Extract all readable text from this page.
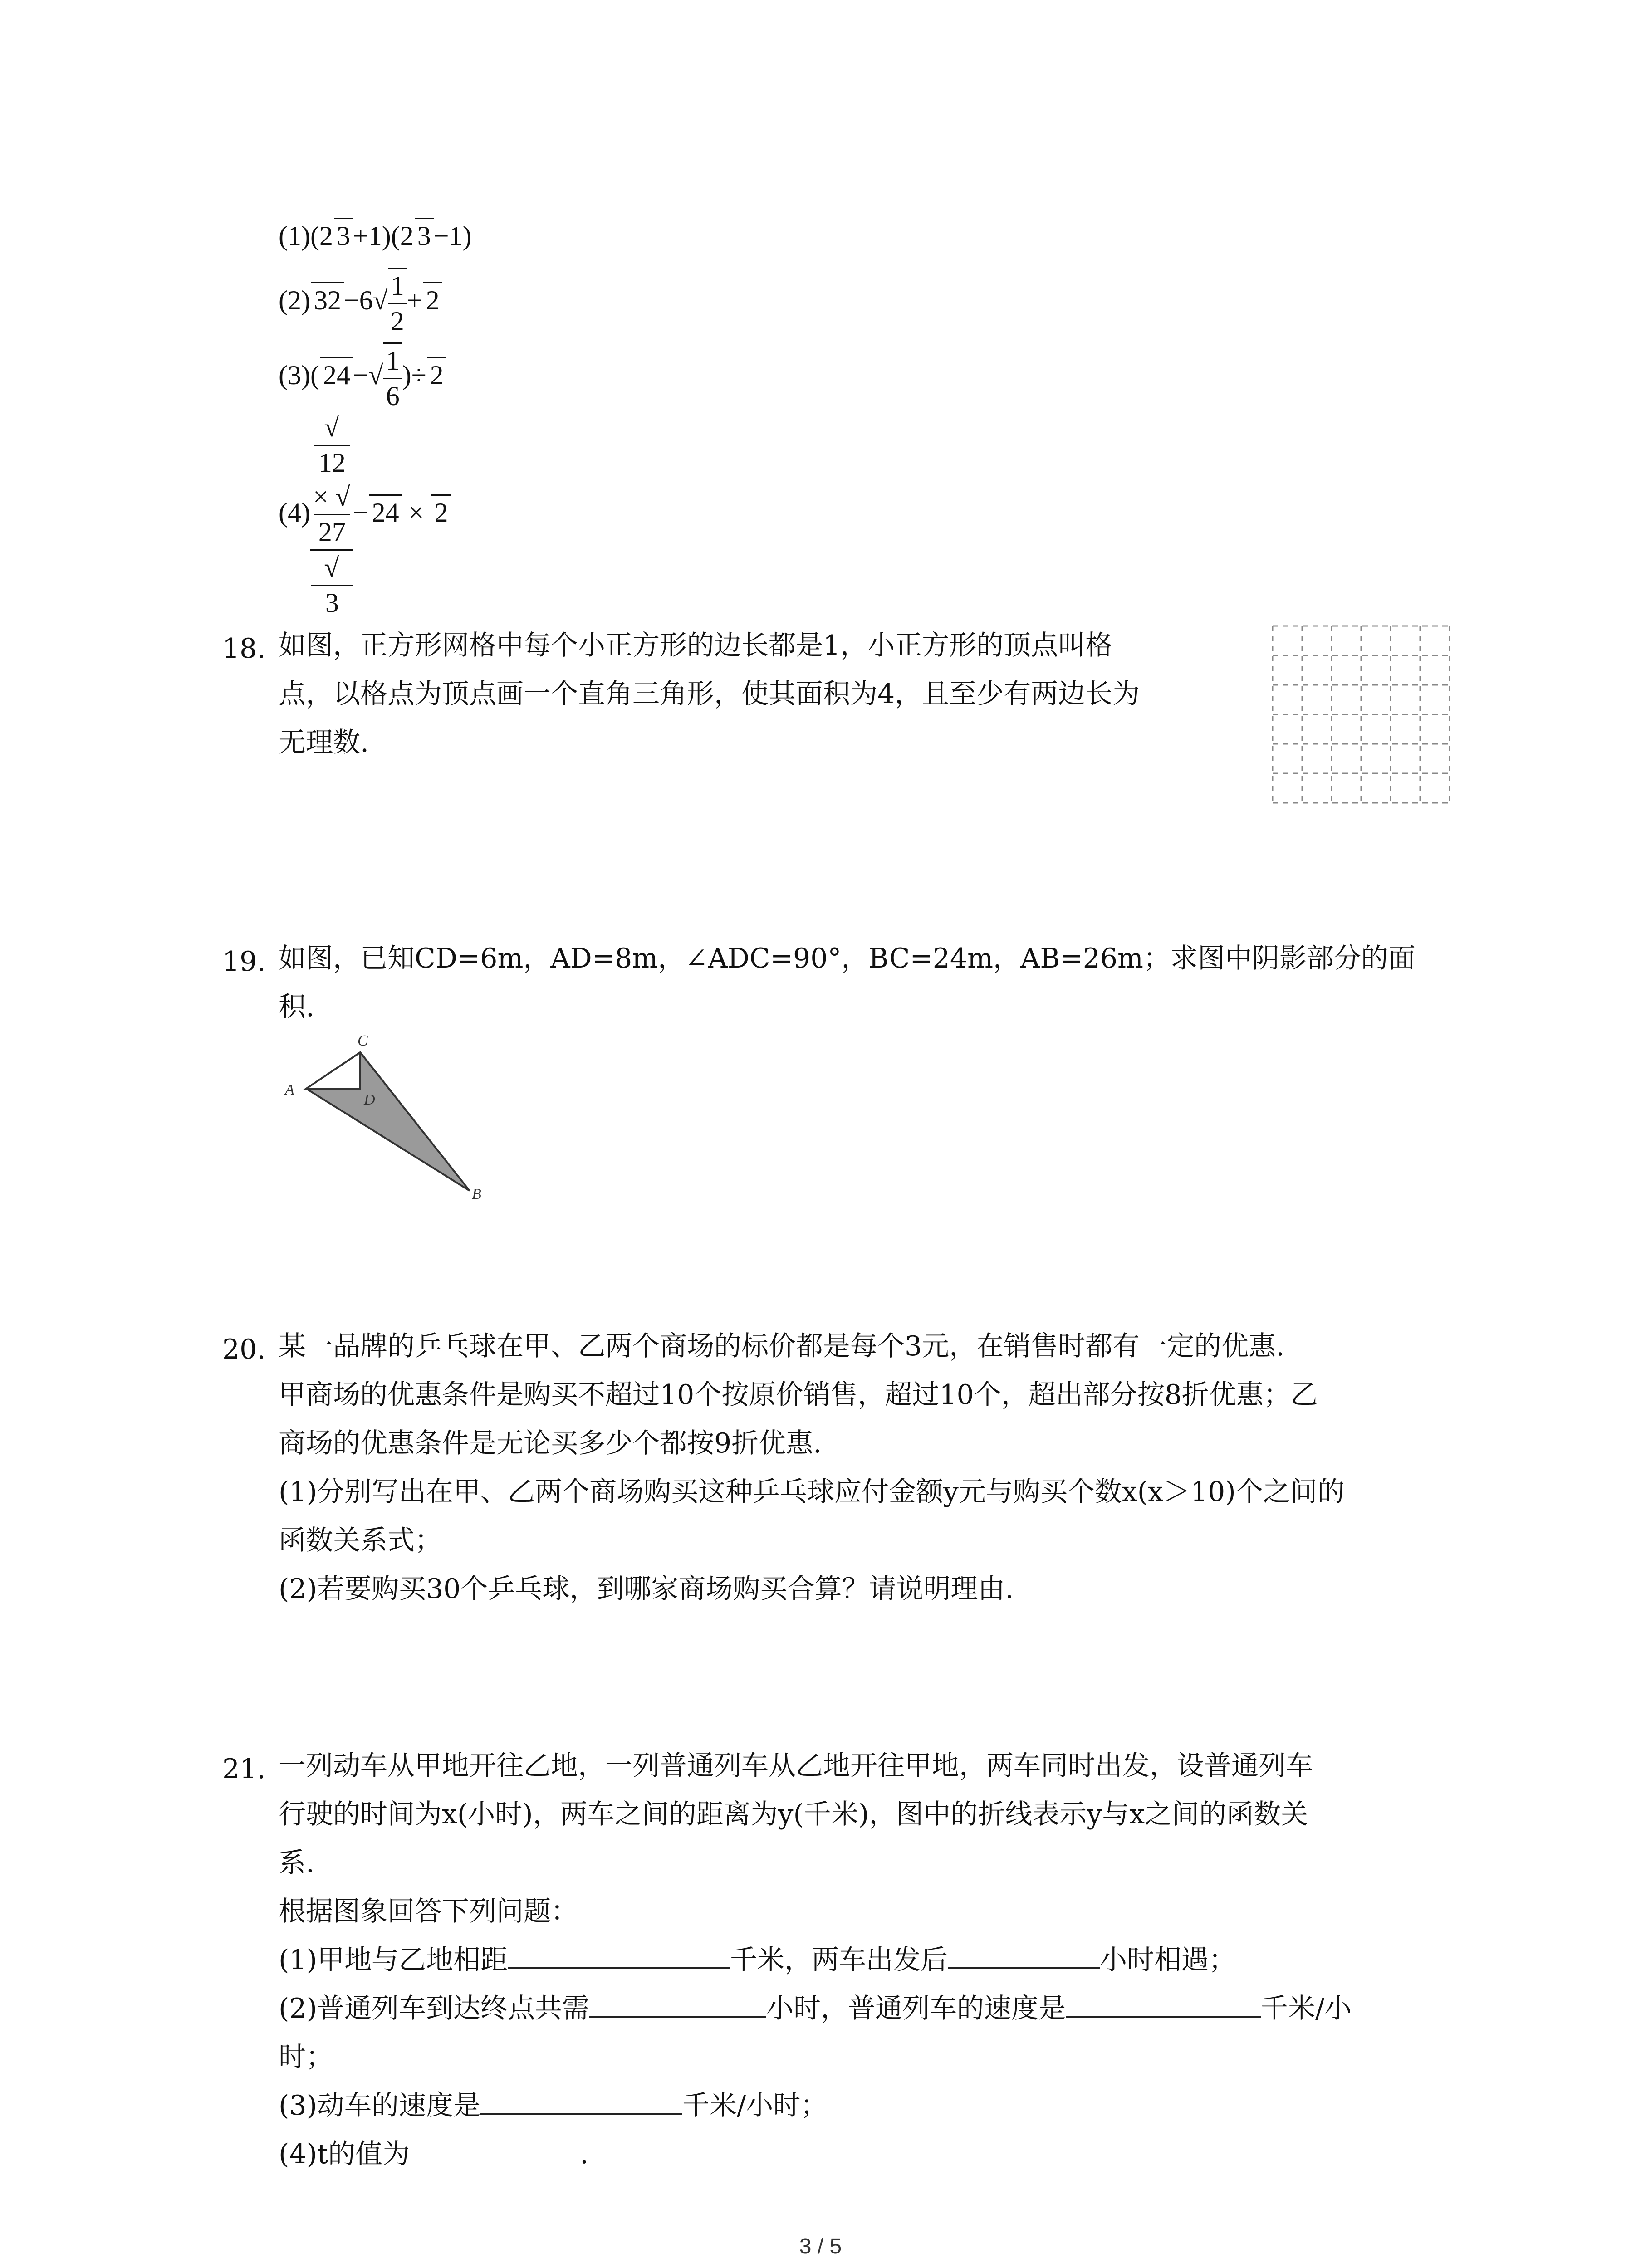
(1)(2 3 +1)(2 3 −1)
(2) $32 -6√ \frac{1}{2} + 2$
(3)( 24 −√ $\frac{1}{6}$ )÷ 2
(4) √
12
× √
27
√
3 − 24 × 2
18. 如图，正方形网格中每个小正方形的边长都是1，小正方形的顶点叫格
点，以格点为顶点画一个直角三角形，使其面积为4，且至少有两边长为
无理数.
19. 如图，已知CD=6m，AD=8m，∠ADC=90°，BC=24m，AB=26m；求图中阴影部分的面
积.
C
A
D
B
20. 某一品牌的乒乓球在甲、乙两个商场的标价都是每个3元，在销售时都有一定的优惠.
甲商场的优惠条件是购买不超过10个按原价销售，超过10个，超出部分按8折优惠；乙
商场的优惠条件是无论买多少个都按9折优惠.
(1)分别写出在甲、乙两个商场购买这种乒乓球应付金额y元与购买个数x(x＞10)个之间的
函数关系式；
(2)若要购买30个乒乓球，到哪家商场购买合算？请说明理由.
21. 一列动车从甲地开往乙地，一列普通列车从乙地开往甲地，两车同时出发，设普通列车
行驶的时间为x(小时)，两车之间的距离为y(千米)，图中的折线表示y与x之间的函数关
系.
根据图象回答下列问题：
(1)甲地与乙地相距	千米，两车出发后	小时相遇；
(2)普通列车到达终点共需	小时，普通列车的速度是	千米/小
时；
(3)动车的速度是	千米/小时；
(4)t的值为	.
3 / 5
